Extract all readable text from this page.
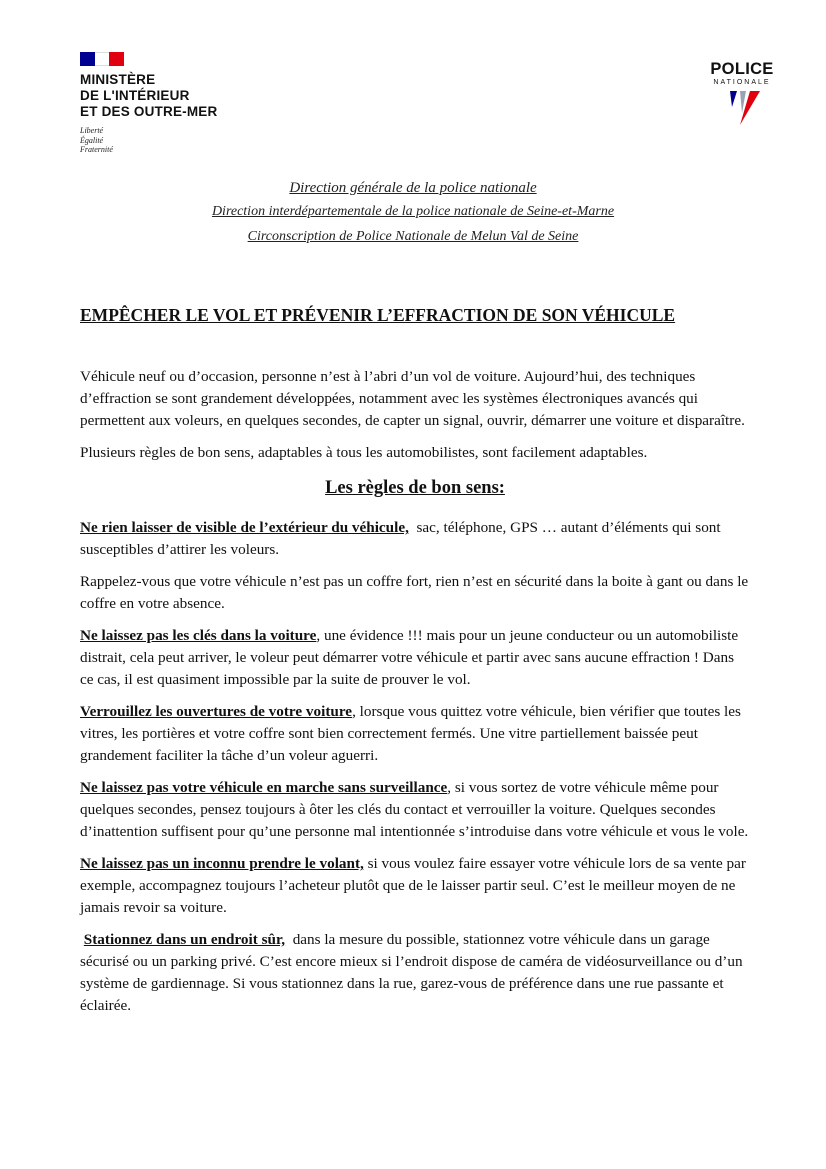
MINISTÈRE
DE L'INTÉRIEUR
ET DES OUTRE-MER
Liberté
Égalité
Fraternité
POLICE
NATIONALE
Direction générale de la police nationale
Direction interdépartementale de la police nationale de Seine-et-Marne
Circonscription de Police Nationale de Melun Val de Seine
EMPÊCHER LE VOL ET PRÉVENIR L’EFFRACTION DE SON VÉHICULE

Véhicule neuf ou d’occasion, personne n’est à l’abri d’un vol de voiture. Aujourd’hui, des techniques d’effraction se sont grandement développées, notamment avec les systèmes électroniques avancés qui permettent aux voleurs, en quelques secondes, de capter un signal, ouvrir, démarrer une voiture et disparaître.

Plusieurs règles de bon sens, adaptables à tous les automobilistes, sont facilement adaptables.

Les règles de bon sens:

Ne rien laisser de visible de l’extérieur du véhicule,  sac, téléphone, GPS … autant d’éléments qui sont susceptibles d’attirer les voleurs.

Rappelez-vous que votre véhicule n’est pas un coffre fort, rien n’est en sécurité dans la boite à gant ou dans le coffre en votre absence.

Ne laissez pas les clés dans la voiture, une évidence !!! mais pour un jeune conducteur ou un automobiliste distrait, cela peut arriver, le voleur peut démarrer votre véhicule et partir avec sans aucune effraction ! Dans ce cas, il est quasiment impossible par la suite de prouver le vol.

Verrouillez les ouvertures de votre voiture, lorsque vous quittez votre véhicule, bien vérifier que toutes les vitres, les portières et votre coffre sont bien correctement fermés. Une vitre partiellement baissée peut grandement faciliter la tâche d’un voleur aguerri.

Ne laissez pas votre véhicule en marche sans surveillance, si vous sortez de votre véhicule même pour quelques secondes, pensez toujours à ôter les clés du contact et verrouiller la voiture. Quelques secondes d’inattention suffisent pour qu’une personne mal intentionnée s’introduise dans votre véhicule et vous le vole.

Ne laissez pas un inconnu prendre le volant, si vous voulez faire essayer votre véhicule lors de sa vente par exemple, accompagnez toujours l’acheteur plutôt que de le laisser partir seul. C’est le meilleur moyen de ne jamais revoir sa voiture.

Stationnez dans un endroit sûr,  dans la mesure du possible, stationnez votre véhicule dans un garage sécurisé ou un parking privé. C’est encore mieux si l’endroit dispose de caméra de vidéosurveillance ou d’un système de gardiennage. Si vous stationnez dans la rue, garez-vous de préférence dans une rue passante et éclairée.
